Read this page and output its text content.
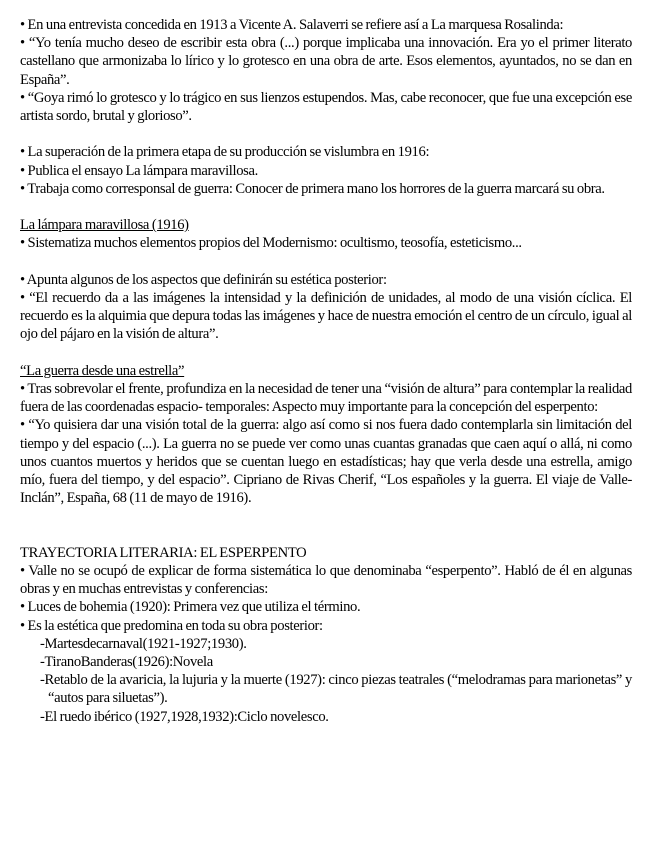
• En una entrevista concedida en 1913 a Vicente A. Salaverri se refiere así a La marquesa Rosalinda:

• “Yo tenía mucho deseo de escribir esta obra (...) porque implicaba una innovación. Era yo el primer literato castellano que armonizaba lo lírico y lo grotesco en una obra de arte. Esos elementos, ayuntados, no se dan en España”.

• “Goya rimó lo grotesco y lo trágico en sus lienzos estupendos. Mas, cabe reconocer, que fue una excepción ese artista sordo, brutal y glorioso”.

• La superación de la primera etapa de su producción se vislumbra en 1916:

• Publica el ensayo La lámpara maravillosa.

• Trabaja como corresponsal de guerra: Conocer de primera mano los horrores de la guerra marcará su obra.

La lámpara maravillosa (1916)

• Sistematiza muchos elementos propios del Modernismo: ocultismo, teosofía, esteticismo...

• Apunta algunos de los aspectos que definirán su estética posterior:

• “El recuerdo da a las imágenes la intensidad y la definición de unidades, al modo de una visión cíclica. El recuerdo es la alquimia que depura todas las imágenes y hace de nuestra emoción el centro de un círculo, igual al ojo del pájaro en la visión de altura”.

“La guerra desde una estrella”

• Tras sobrevolar el frente, profundiza en la necesidad de tener una “visión de altura” para contemplar la realidad fuera de las coordenadas espacio- temporales: Aspecto muy importante para la concepción del esperpento:

• “Yo quisiera dar una visión total de la guerra: algo así como si nos fuera dado contemplarla sin limitación del tiempo y del espacio (...). La guerra no se puede ver como unas cuantas granadas que caen aquí o allá, ni como unos cuantos muertos y heridos que se cuentan luego en estadísticas; hay que verla desde una estrella, amigo mío, fuera del tiempo, y del espacio”. Cipriano de Rivas Cherif, “Los españoles y la guerra. El viaje de Valle-Inclán”, España, 68 (11 de mayo de 1916).

TRAYECTORIA LITERARIA: EL ESPERPENTO

• Valle no se ocupó de explicar de forma sistemática lo que denominaba “esperpento”. Habló de él en algunas obras y en muchas entrevistas y conferencias:

• Luces de bohemia (1920): Primera vez que utiliza el término.

• Es la estética que predomina en toda su obra posterior:

-Martesdecarnaval(1921-1927;1930).

-TiranoBanderas(1926):Novela

-Retablo de la avaricia, la lujuria y la muerte (1927): cinco piezas teatrales (“melodramas para marionetas” y “autos para siluetas”).

-El ruedo ibérico (1927,1928,1932):Ciclo novelesco.
